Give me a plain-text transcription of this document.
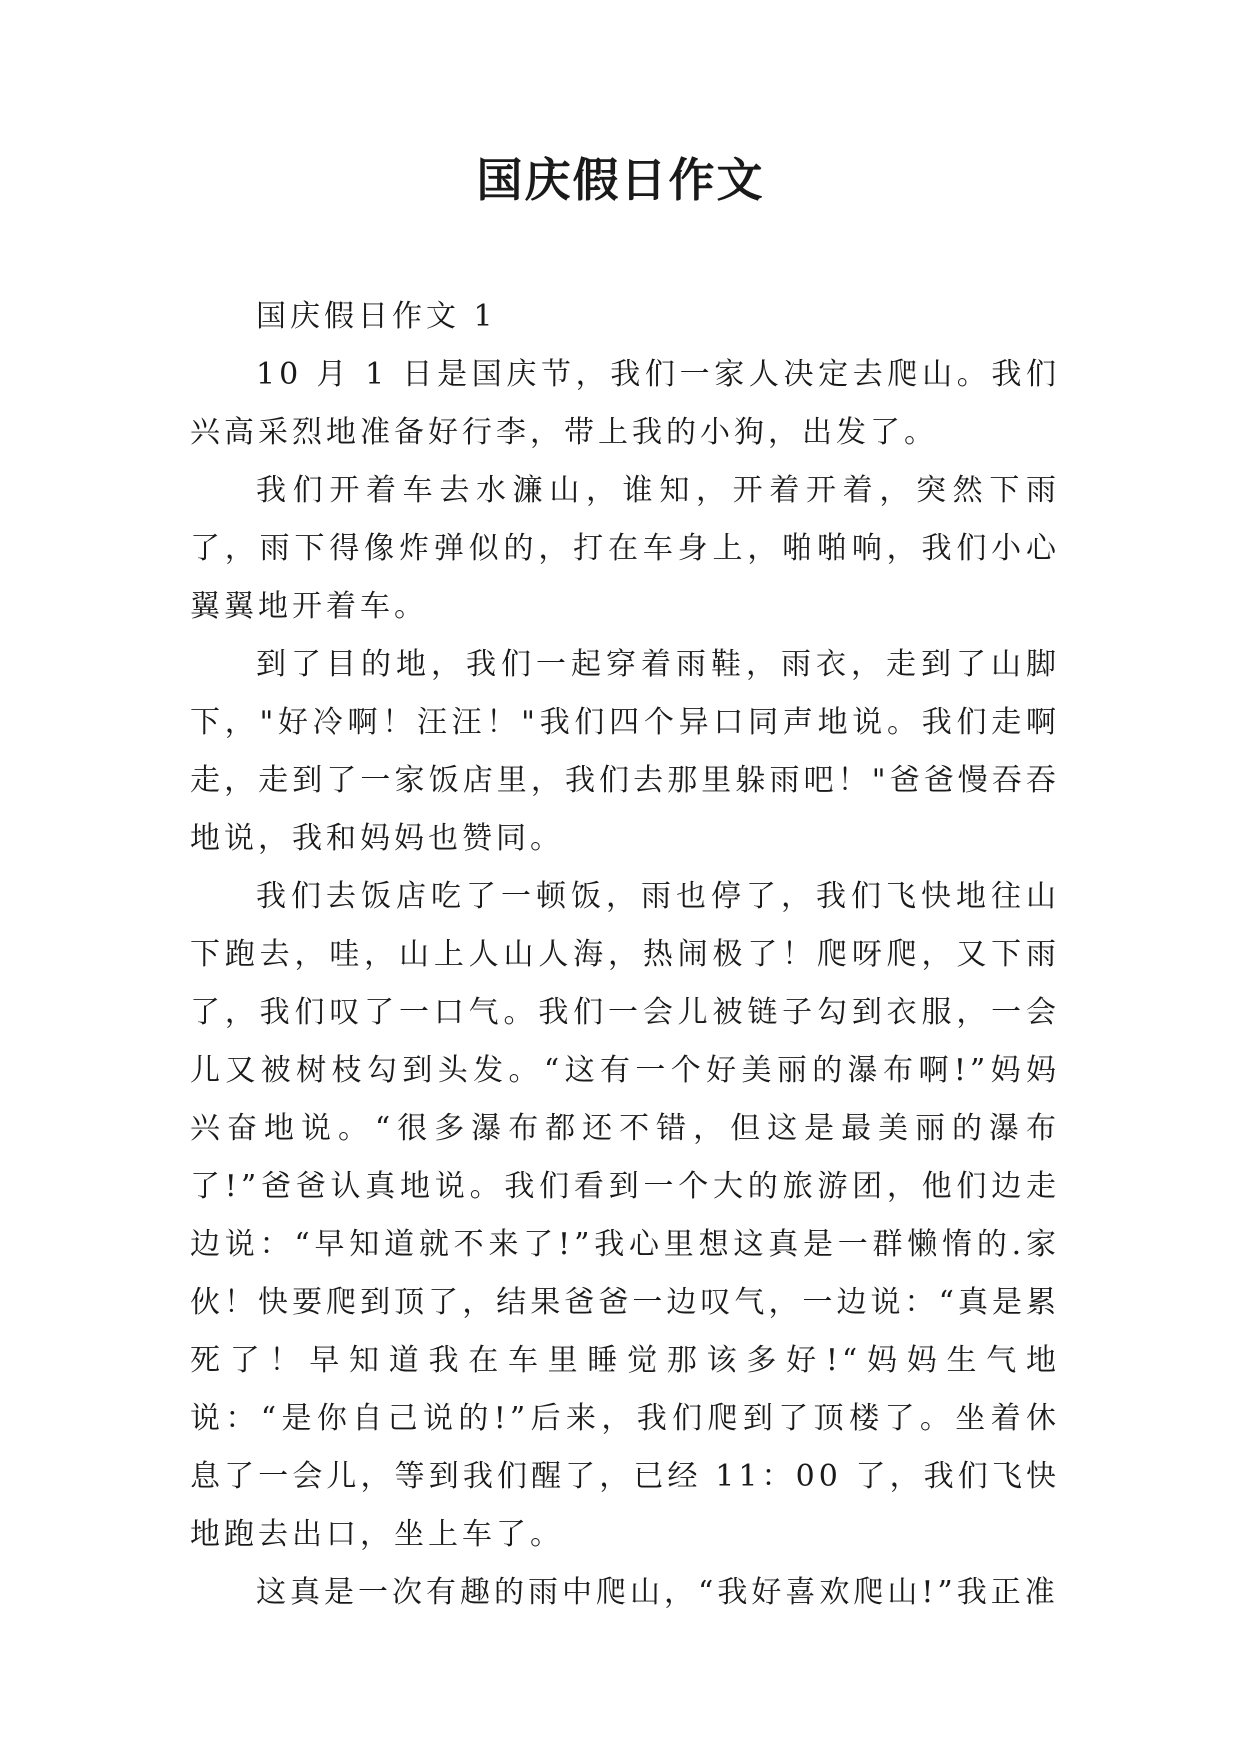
国庆假日作文

国庆假日作文 1

10 月 1 日是国庆节，我们一家人决定去爬山。我们兴高采烈地准备好行李，带上我的小狗，出发了。

我们开着车去水濂山，谁知，开着开着，突然下雨了，雨下得像炸弹似的，打在车身上，啪啪响，我们小心翼翼地开着车。

到了目的地，我们一起穿着雨鞋，雨衣，走到了山脚下，"好冷啊！汪汪！"我们四个异口同声地说。我们走啊走，走到了一家饭店里，我们去那里躲雨吧！"爸爸慢吞吞地说，我和妈妈也赞同。

我们去饭店吃了一顿饭，雨也停了，我们飞快地往山下跑去，哇，山上人山人海，热闹极了！爬呀爬，又下雨了，我们叹了一口气。我们一会儿被链子勾到衣服，一会儿又被树枝勾到头发。“这有一个好美丽的瀑布啊!”妈妈兴奋地说。“很多瀑布都还不错，但这是最美丽的瀑布了!”爸爸认真地说。我们看到一个大的旅游团，他们边走边说：“早知道就不来了!”我心里想这真是一群懒惰的.家伙！快要爬到顶了，结果爸爸一边叹气，一边说：“真是累死了！早知道我在车里睡觉那该多好!“妈妈生气地说：“是你自己说的!”后来，我们爬到了顶楼了。坐着休息了一会儿，等到我们醒了，已经 11：00 了，我们飞快地跑去出口，坐上车了。

这真是一次有趣的雨中爬山，“我好喜欢爬山!”我正准
